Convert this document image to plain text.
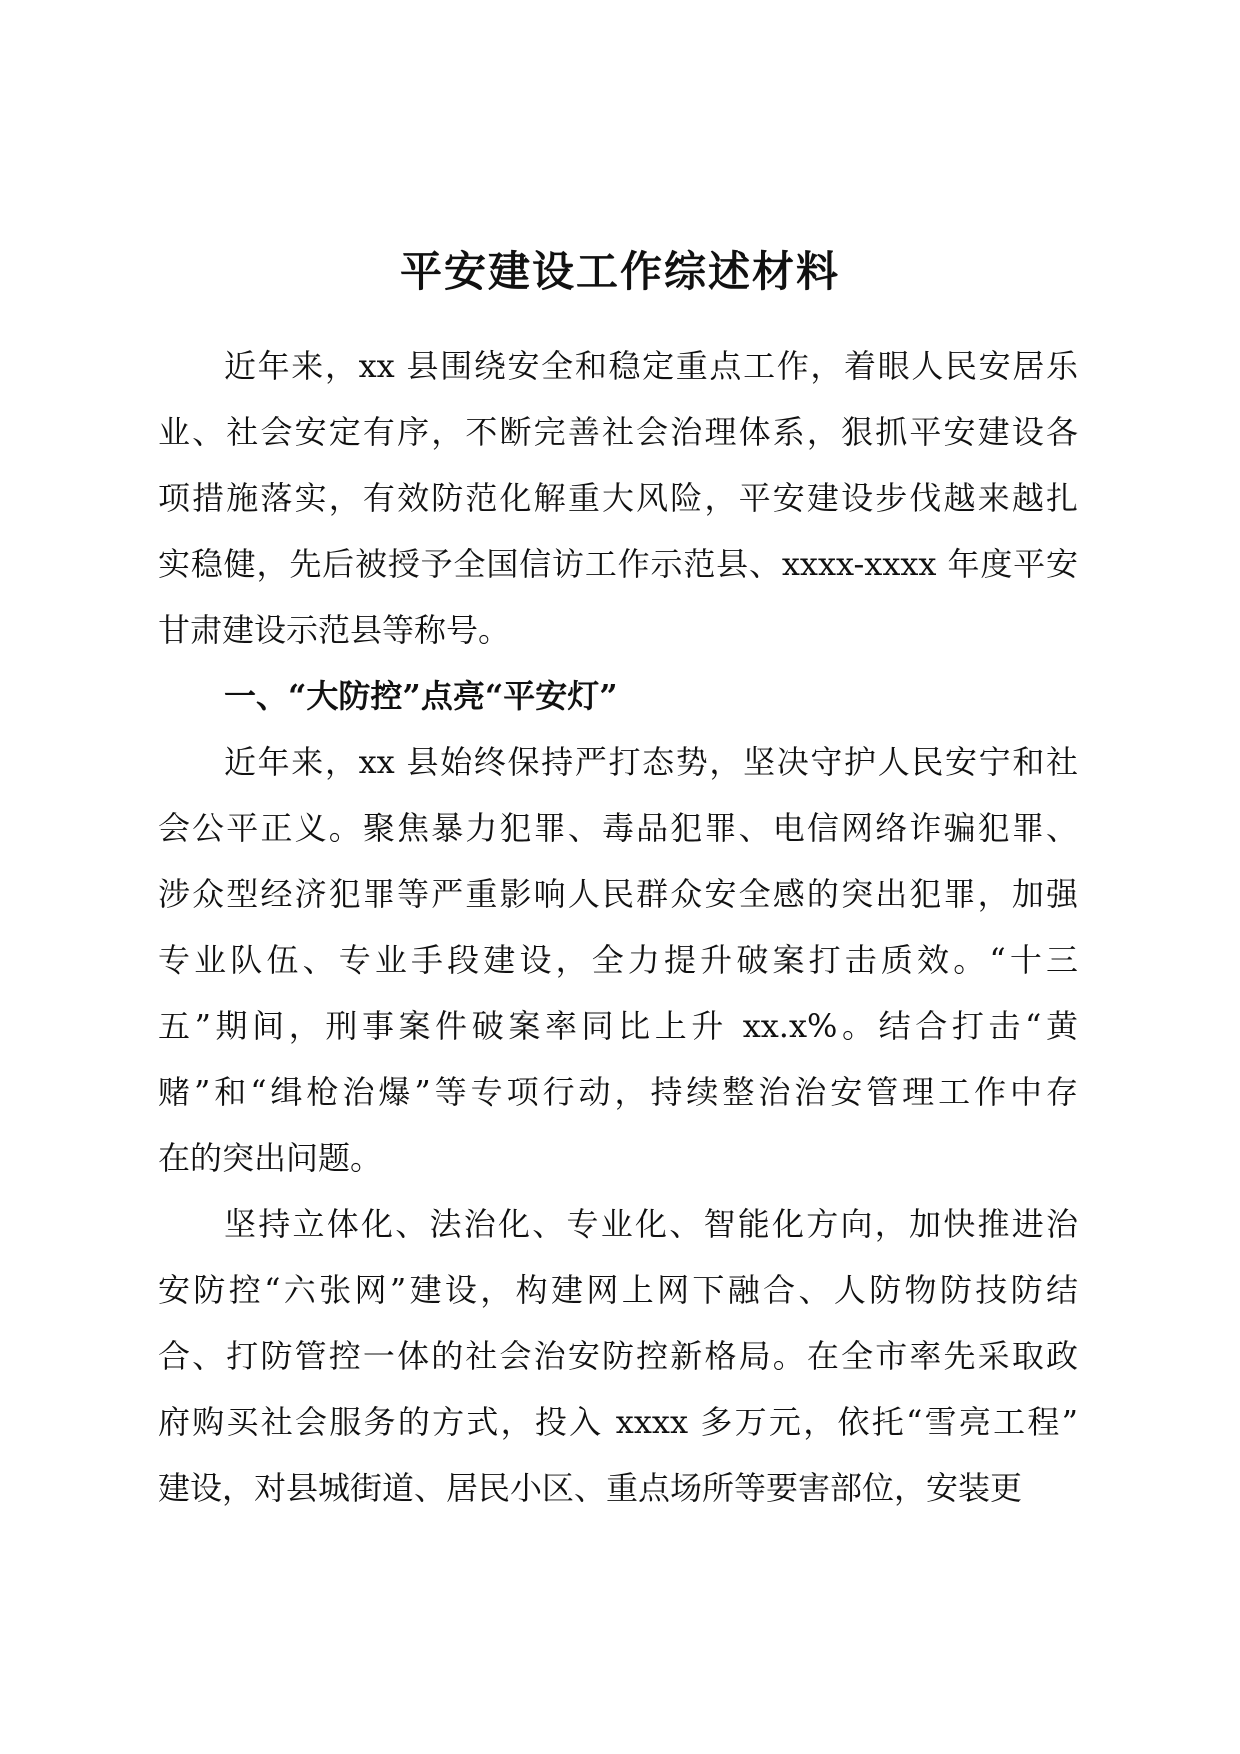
平安建设工作综述材料
近年来，xx 县围绕安全和稳定重点工作，着眼人民安居乐
业、社会安定有序，不断完善社会治理体系，狠抓平安建设各
项措施落实，有效防范化解重大风险，平安建设步伐越来越扎
实稳健，先后被授予全国信访工作示范县、xxxx-xxxx 年度平安
甘肃建设示范县等称号。
一、“大防控”点亮“平安灯”
近年来，xx 县始终保持严打态势，坚决守护人民安宁和社
会公平正义。聚焦暴力犯罪、毒品犯罪、电信网络诈骗犯罪、
涉众型经济犯罪等严重影响人民群众安全感的突出犯罪，加强
专业队伍、专业手段建设，全力提升破案打击质效。“十三
五”期间，刑事案件破案率同比上升 xx.x%。结合打击“黄
赌”和“缉枪治爆”等专项行动，持续整治治安管理工作中存
在的突出问题。
坚持立体化、法治化、专业化、智能化方向，加快推进治
安防控“六张网”建设，构建网上网下融合、人防物防技防结
合、打防管控一体的社会治安防控新格局。在全市率先采取政
府购买社会服务的方式，投入 xxxx 多万元，依托“雪亮工程”
建设，对县城街道、居民小区、重点场所等要害部位，安装更
